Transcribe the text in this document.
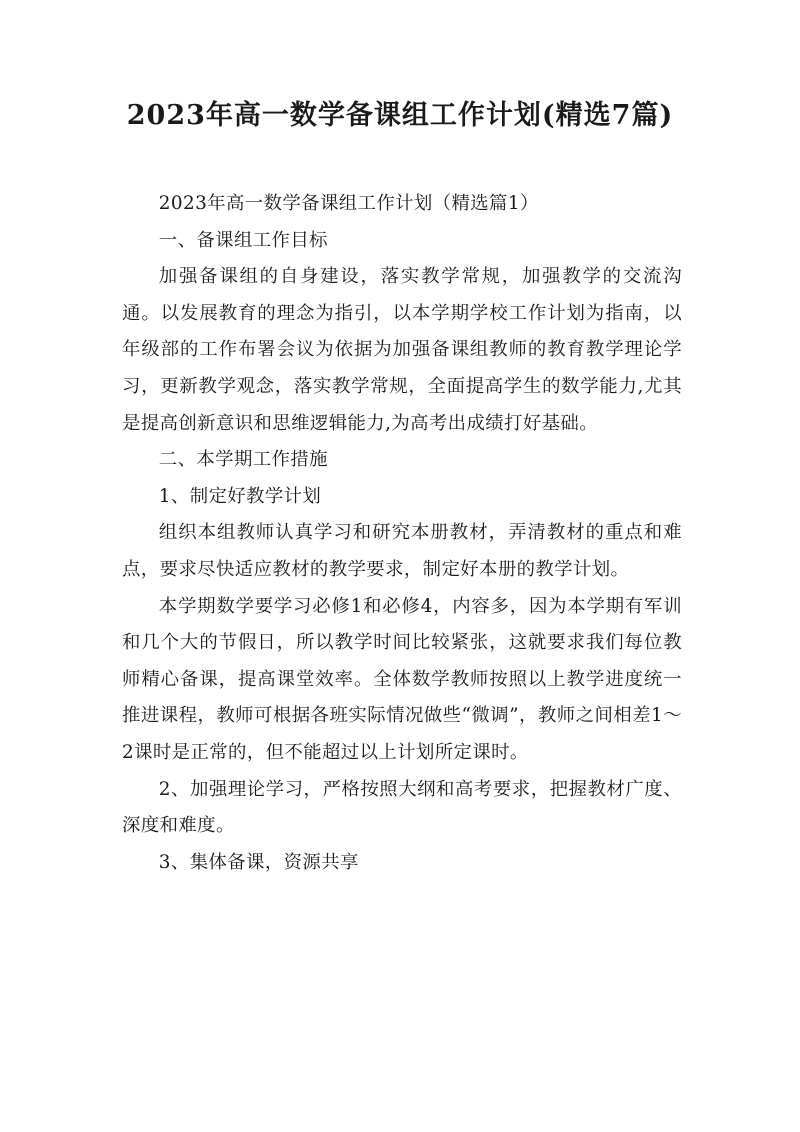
2023年高一数学备课组工作计划(精选7篇)

2023年高一数学备课组工作计划（精选篇1）

一、备课组工作目标

加强备课组的自身建设，落实教学常规，加强教学的交流沟通。以发展教育的理念为指引，以本学期学校工作计划为指南，以年级部的工作布署会议为依据为加强备课组教师的教育教学理论学习，更新教学观念，落实教学常规，全面提高学生的数学能力,尤其是提高创新意识和思维逻辑能力,为高考出成绩打好基础。

二、本学期工作措施

1、制定好教学计划

组织本组教师认真学习和研究本册教材，弄清教材的重点和难点，要求尽快适应教材的教学要求，制定好本册的教学计划。

本学期数学要学习必修1和必修4，内容多，因为本学期有军训和几个大的节假日，所以教学时间比较紧张，这就要求我们每位教师精心备课，提高课堂效率。全体数学教师按照以上教学进度统一推进课程，教师可根据各班实际情况做些“微调”，教师之间相差1～2课时是正常的，但不能超过以上计划所定课时。

2、加强理论学习，严格按照大纲和高考要求，把握教材广度、深度和难度。

3、集体备课，资源共享
